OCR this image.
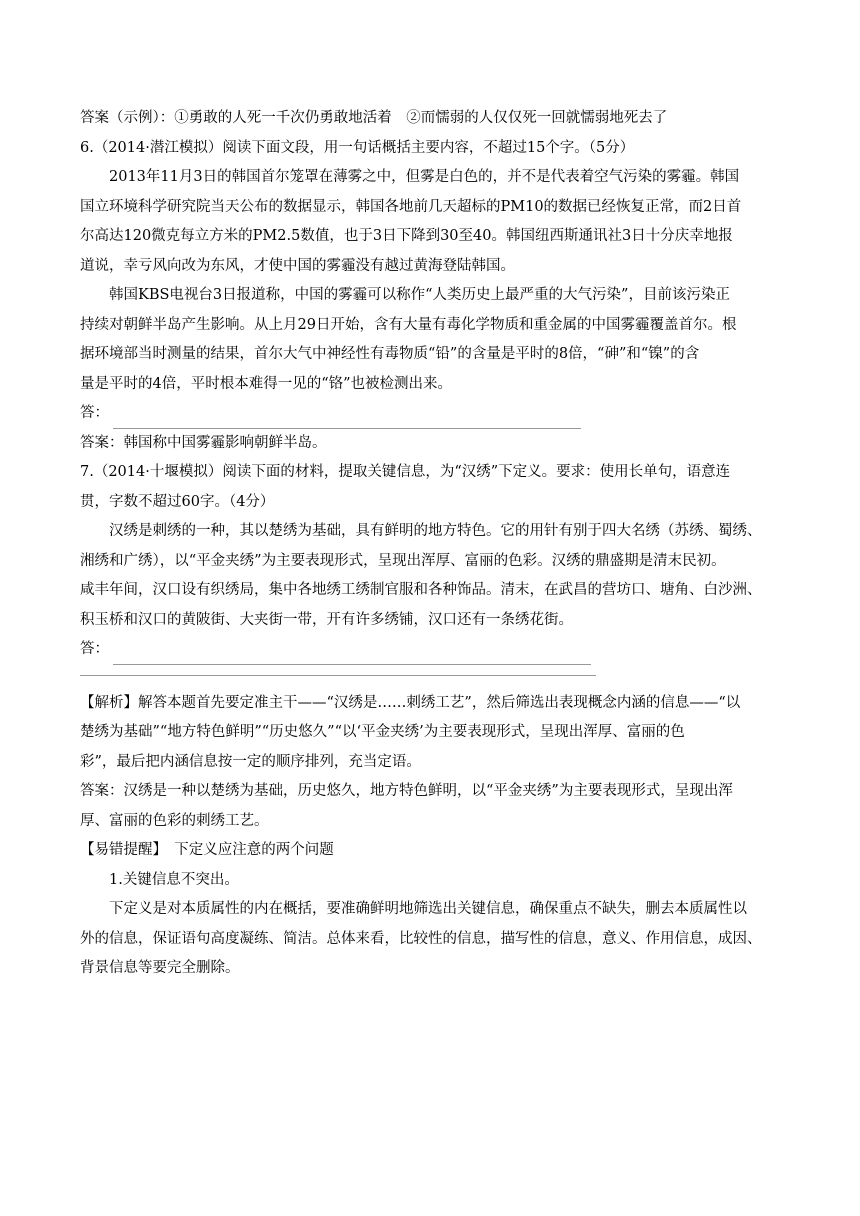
答案（示例）：①勇敢的人死一千次仍勇敢地活着　②而懦弱的人仅仅死一回就懦弱地死去了
6.（2014·潜江模拟）阅读下面文段，用一句话概括主要内容，不超过15个字。（5分）
2013年11月3日的韩国首尔笼罩在薄雾之中，但雾是白色的，并不是代表着空气污染的雾霾。韩国
国立环境科学研究院当天公布的数据显示，韩国各地前几天超标的PM10的数据已经恢复正常，而2日首
尔高达120微克每立方米的PM2.5数值，也于3日下降到30至40。韩国纽西斯通讯社3日十分庆幸地报
道说，幸亏风向改为东风，才使中国的雾霾没有越过黄海登陆韩国。
韩国KBS电视台3日报道称，中国的雾霾可以称作“人类历史上最严重的大气污染”，目前该污染正
持续对朝鲜半岛产生影响。从上月29日开始，含有大量有毒化学物质和重金属的中国雾霾覆盖首尔。根
据环境部当时测量的结果，首尔大气中神经性有毒物质“铅”的含量是平时的8倍，“砷”和“镍”的含
量是平时的4倍，平时根本难得一见的“铬”也被检测出来。
答：
答案：韩国称中国雾霾影响朝鲜半岛。
7.（2014·十堰模拟）阅读下面的材料，提取关键信息，为“汉绣”下定义。要求：使用长单句，语意连
贯，字数不超过60字。（4分）
汉绣是刺绣的一种，其以楚绣为基础，具有鲜明的地方特色。它的用针有别于四大名绣（苏绣、蜀绣、
湘绣和广绣），以“平金夹绣”为主要表现形式，呈现出浑厚、富丽的色彩。汉绣的鼎盛期是清末民初。
咸丰年间，汉口设有织绣局，集中各地绣工绣制官服和各种饰品。清末，在武昌的营坊口、塘角、白沙洲、
积玉桥和汉口的黄陂街、大夹街一带，开有许多绣铺，汉口还有一条绣花街。
答：
【解析】解答本题首先要定准主干——“汉绣是……刺绣工艺”，然后筛选出表现概念内涵的信息——“以
楚绣为基础”“地方特色鲜明”“历史悠久”“以‘平金夹绣’为主要表现形式，呈现出浑厚、富丽的色
彩”，最后把内涵信息按一定的顺序排列，充当定语。
答案：汉绣是一种以楚绣为基础，历史悠久，地方特色鲜明，以“平金夹绣”为主要表现形式，呈现出浑
厚、富丽的色彩的刺绣工艺。
【易错提醒】　下定义应注意的两个问题
1.关键信息不突出。
下定义是对本质属性的内在概括，要准确鲜明地筛选出关键信息，确保重点不缺失，删去本质属性以
外的信息，保证语句高度凝练、简洁。总体来看，比较性的信息，描写性的信息，意义、作用信息，成因、
背景信息等要完全删除。
